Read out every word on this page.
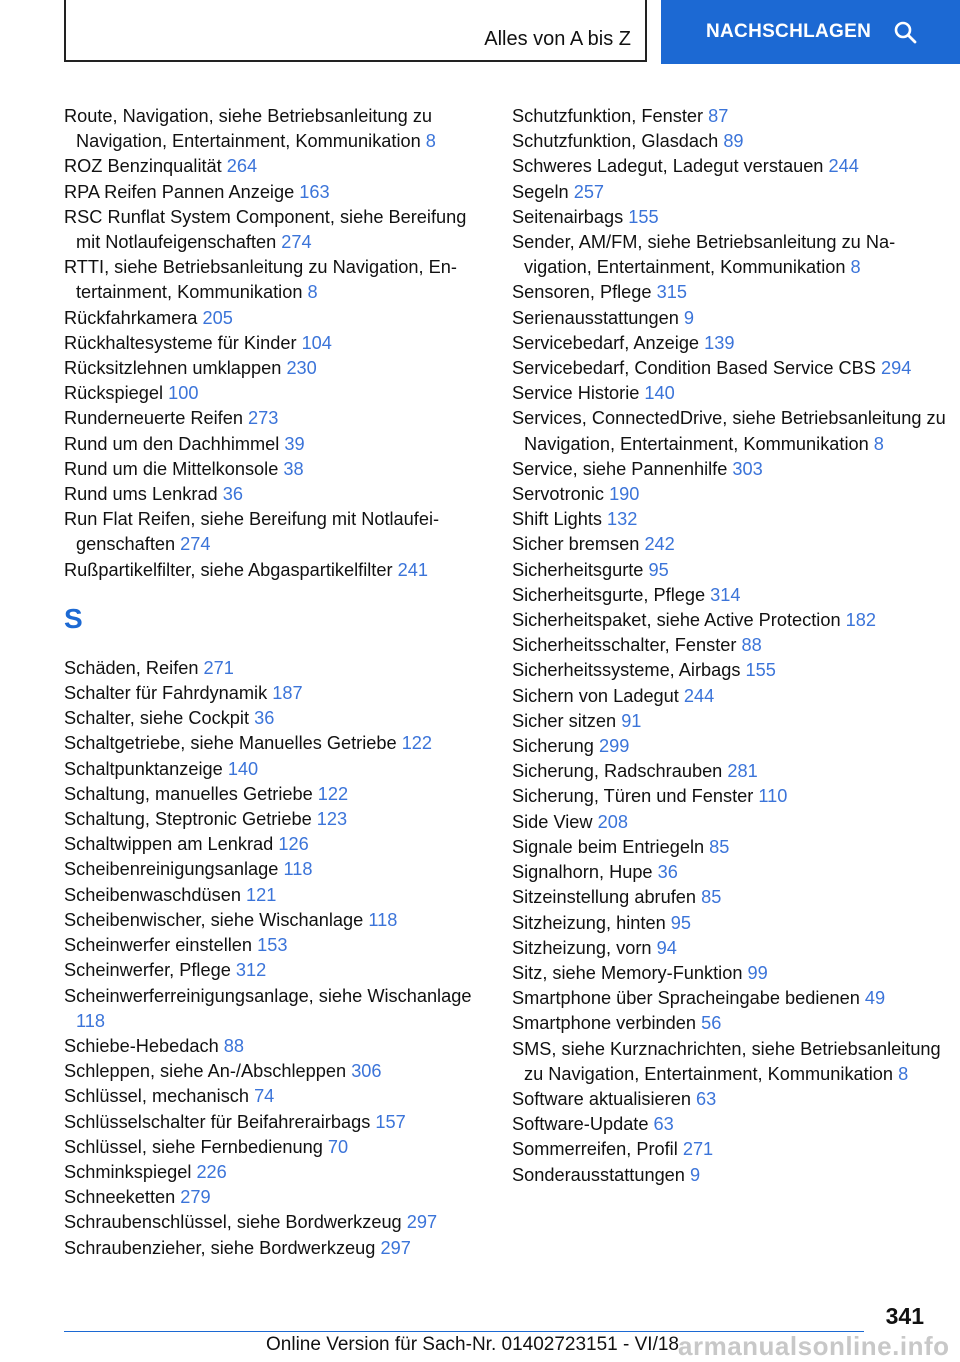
Alles von A bis Z	NACHSCHLAGEN
Route, Navigation, siehe Betriebsanleitung zu Navigation, Entertainment, Kommunikation 8
ROZ Benzinqualität 264
RPA Reifen Pannen Anzeige 163
RSC Runflat System Component, siehe Bereifung mit Notlaufeigenschaften 274
RTTI, siehe Betriebsanleitung zu Navigation, Entertainment, Kommunikation 8
Rückfahrkamera 205
Rückhaltesysteme für Kinder 104
Rücksitzlehnen umklappen 230
Rückspiegel 100
Runderneuerte Reifen 273
Rund um den Dachhimmel 39
Rund um die Mittelkonsole 38
Rund ums Lenkrad 36
Run Flat Reifen, siehe Bereifung mit Notlaufeigenschaften 274
Rußpartikelfilter, siehe Abgaspartikelfilter 241
S
Schäden, Reifen 271
Schalter für Fahrdynamik 187
Schalter, siehe Cockpit 36
Schaltgetriebe, siehe Manuelles Getriebe 122
Schaltpunktanzeige 140
Schaltung, manuelles Getriebe 122
Schaltung, Steptronic Getriebe 123
Schaltwippen am Lenkrad 126
Scheibenreinigungsanlage 118
Scheibenwaschdüsen 121
Scheibenwischer, siehe Wischanlage 118
Scheinwerfer einstellen 153
Scheinwerfer, Pflege 312
Scheinwerferreinigungsanlage, siehe Wischanlage 118
Schiebe-Hebedach 88
Schleppen, siehe An-/Abschleppen 306
Schlüssel, mechanisch 74
Schlüsselschalter für Beifahrerairbags 157
Schlüssel, siehe Fernbedienung 70
Schminkspiegel 226
Schneeketten 279
Schraubenschlüssel, siehe Bordwerkzeug 297
Schraubenzieher, siehe Bordwerkzeug 297
Schutzfunktion, Fenster 87
Schutzfunktion, Glasdach 89
Schweres Ladegut, Ladegut verstauen 244
Segeln 257
Seitenairbags 155
Sender, AM/FM, siehe Betriebsanleitung zu Navigation, Entertainment, Kommunikation 8
Sensoren, Pflege 315
Serienausstattungen 9
Servicebedarf, Anzeige 139
Servicebedarf, Condition Based Service CBS 294
Service Historie 140
Services, ConnectedDrive, siehe Betriebsanleitung zu Navigation, Entertainment, Kommunikation 8
Service, siehe Pannenhilfe 303
Servotronic 190
Shift Lights 132
Sicher bremsen 242
Sicherheitsgurte 95
Sicherheitsgurte, Pflege 314
Sicherheitspaket, siehe Active Protection 182
Sicherheitsschalter, Fenster 88
Sicherheitssysteme, Airbags 155
Sichern von Ladegut 244
Sicher sitzen 91
Sicherung 299
Sicherung, Radschrauben 281
Sicherung, Türen und Fenster 110
Side View 208
Signale beim Entriegeln 85
Signalhorn, Hupe 36
Sitzeinstellung abrufen 85
Sitzheizung, hinten 95
Sitzheizung, vorn 94
Sitz, siehe Memory-Funktion 99
Smartphone über Spracheingabe bedienen 49
Smartphone verbinden 56
SMS, siehe Kurznachrichten, siehe Betriebsanleitung zu Navigation, Entertainment, Kommunikation 8
Software aktualisieren 63
Software-Update 63
Sommerreifen, Profil 271
Sonderausstattungen 9
341
Online Version für Sach-Nr. 01402723151 - VI/18 armanualsonline.info
